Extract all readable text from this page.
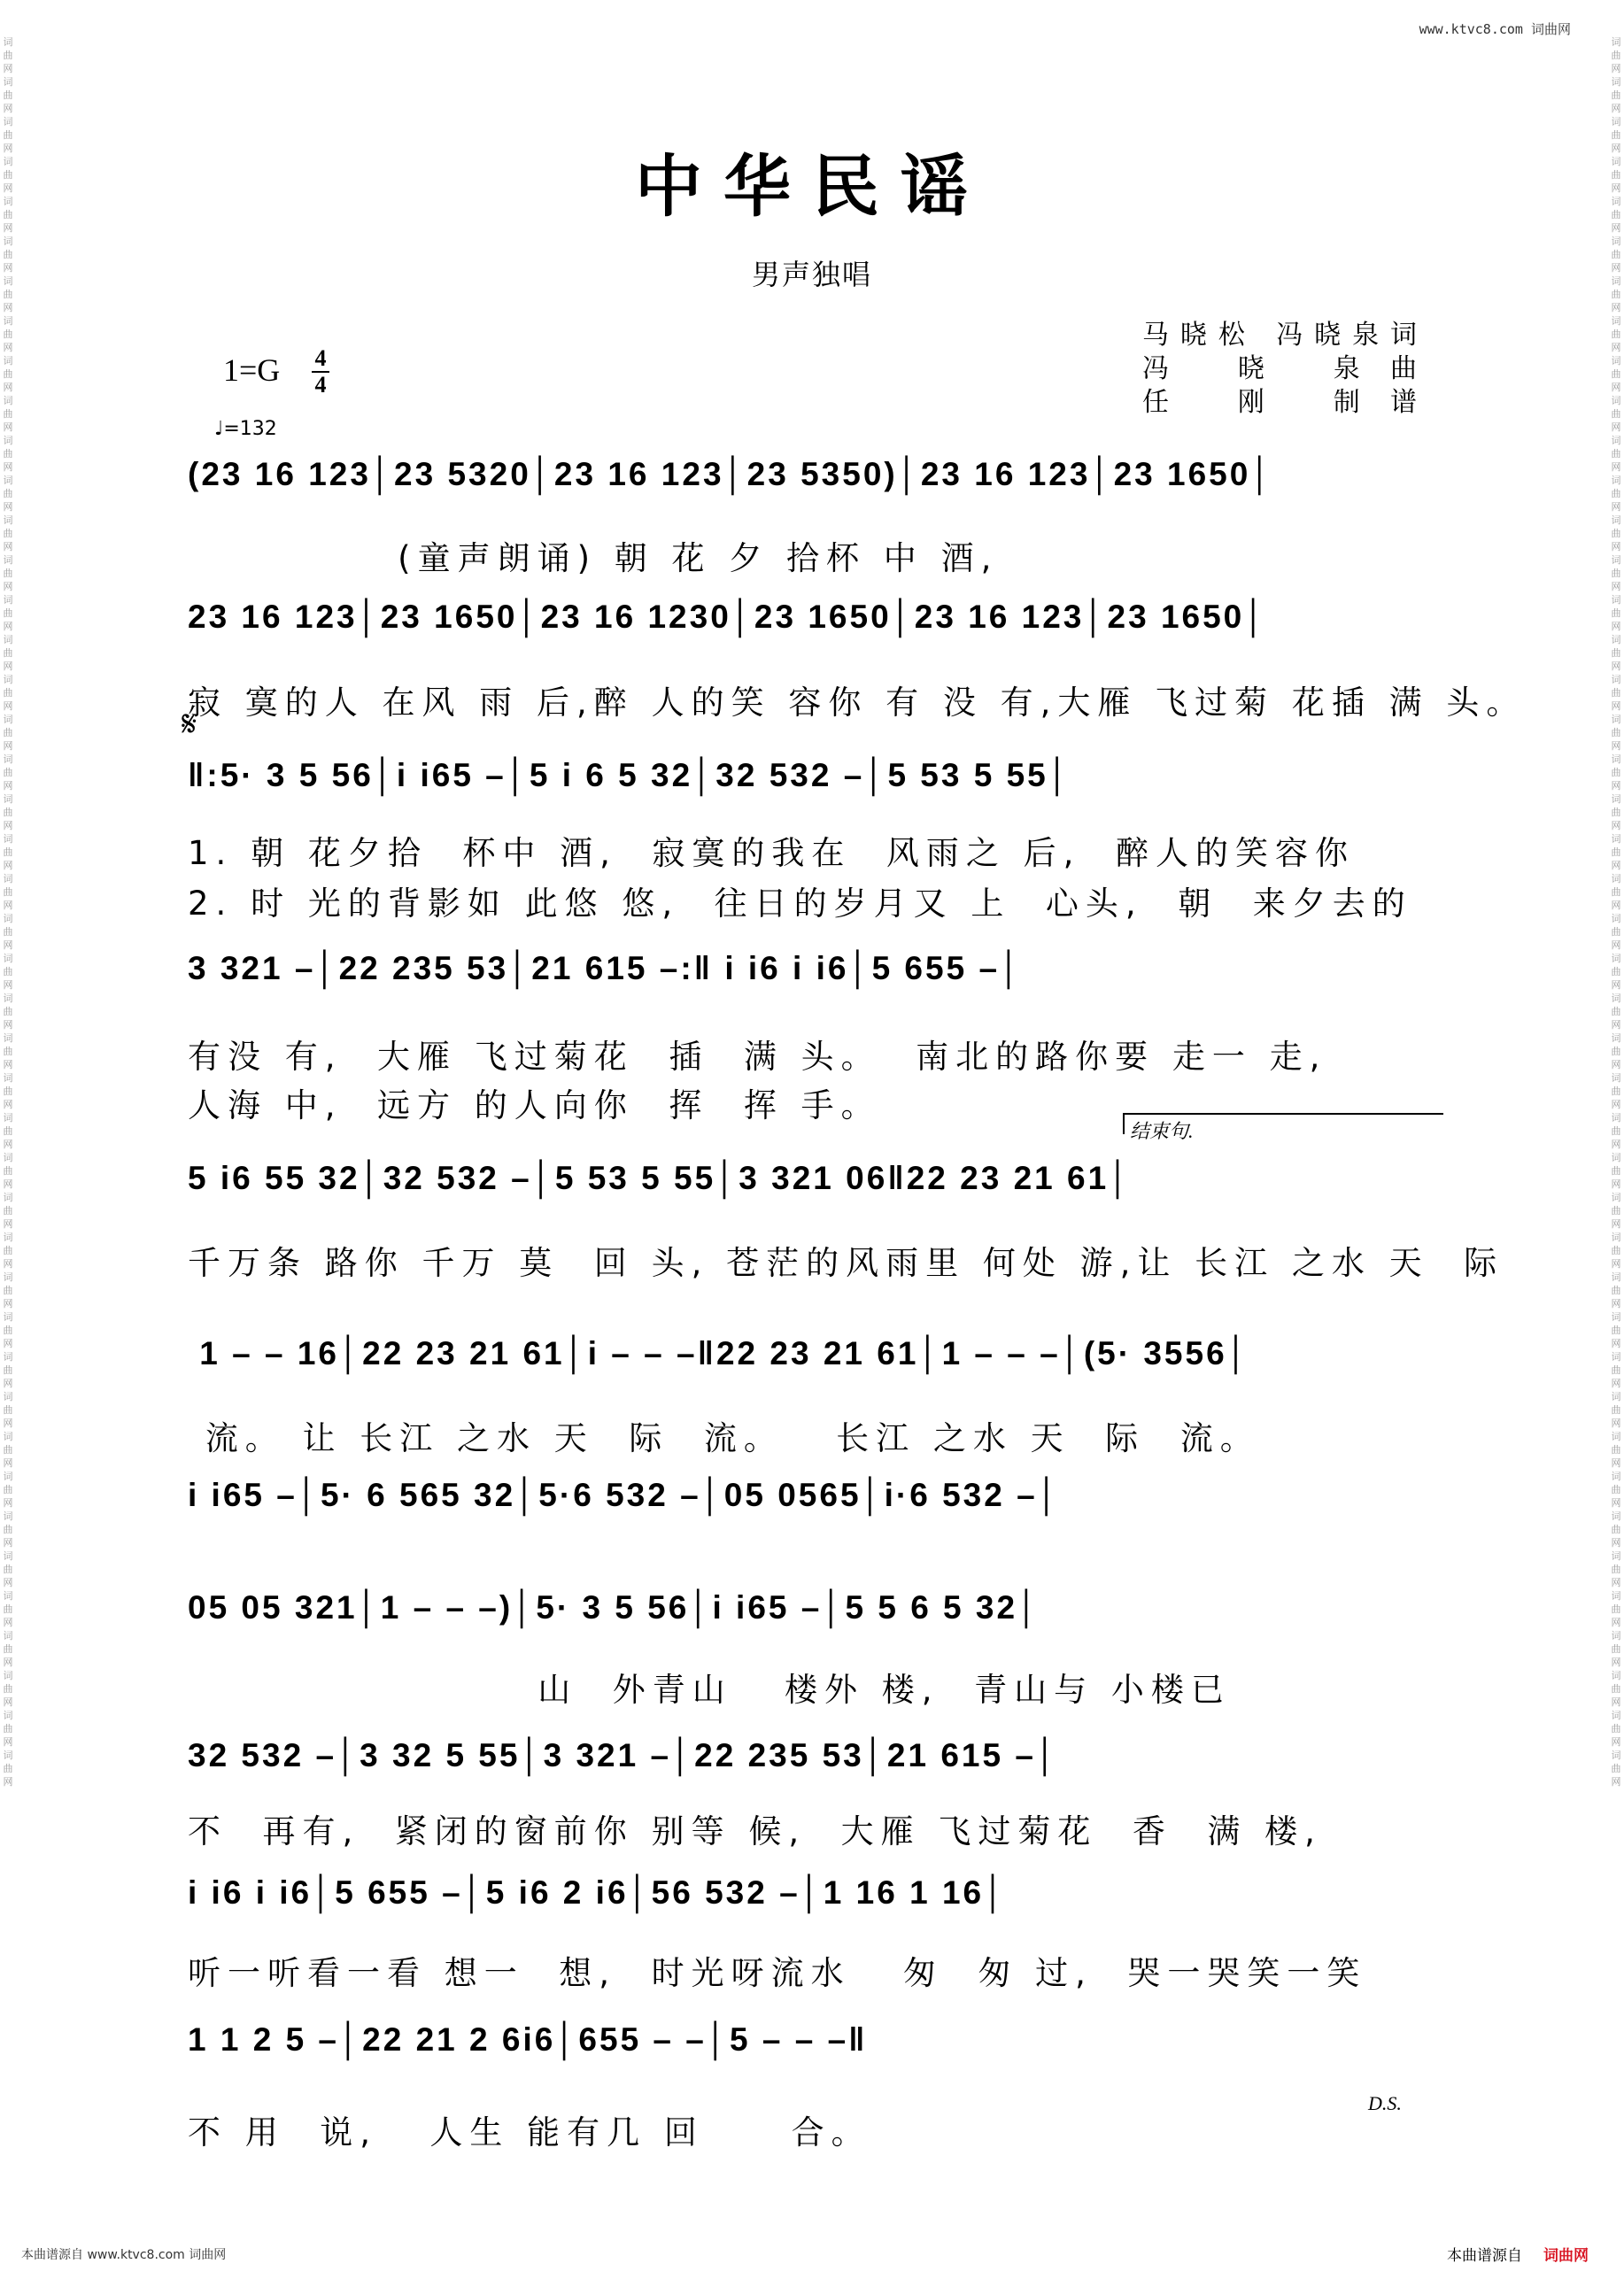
词曲网词曲网词曲网词曲网词曲网词曲网词曲网词曲网词曲网词曲网词曲网词曲网词曲网词曲网词曲网词曲网词曲网词曲网词曲网词曲网词曲网词曲网词曲网词曲网词曲网词曲网词曲网词曲网词曲网词曲网词曲网词曲网词曲网词曲网词曲网词曲网词曲网词曲网词曲网词曲网词曲网词曲网词曲网词曲网
词曲网词曲网词曲网词曲网词曲网词曲网词曲网词曲网词曲网词曲网词曲网词曲网词曲网词曲网词曲网词曲网词曲网词曲网词曲网词曲网词曲网词曲网词曲网词曲网词曲网词曲网词曲网词曲网词曲网词曲网词曲网词曲网词曲网词曲网词曲网词曲网词曲网词曲网词曲网词曲网词曲网词曲网词曲网词曲网
www.ktvc8.com 词曲网
中华民谣
男声独唱
马晓松 冯晓泉词
冯 晓 泉曲
任 刚 制谱
1=G 4
4
♩=132
(23 16 123│23 5320│23 16 123│23 5350)│23 16 123│23 1650│
(童声朗诵) 朝 花 夕 拾杯 中 酒,
23 16 123│23 1650│23 16 1230│23 1650│23 16 123│23 1650│
寂 寞的人 在风 雨 后,醉 人的笑 容你 有 没 有,大雁 飞过菊 花插 满 头。
𝄋
‖:5· 3 5 56│i i65 –│5 i 6 5 32│32 532 –│5 53 5 55│
1. 朝 花夕拾  杯中 酒,  寂寞的我在  风雨之 后,  醉人的笑容你
2. 时 光的背影如 此悠 悠,  往日的岁月又 上  心头,  朝  来夕去的
3 321 –│22 235 53│21 615 –:‖ i i6 i i6│5 655 –│
有没 有,  大雁 飞过菊花  插  满 头。  南北的路你要 走一 走,
人海 中,  远方 的人向你  挥  挥 手。
结束句.
5 i6 55 32│32 532 –│5 53 5 55│3 321 06‖22 23 21 61│
千万条 路你 千万 莫  回 头, 苍茫的风雨里 何处 游,让 长江 之水 天  际
1 – – 16│22 23 21 61│i – – –‖22 23 21 61│1 – – –│(5· 3556│
流。 让 长江 之水 天  际  流。   长江 之水 天  际  流。
i i65 –│5· 6 565 32│5·6 532 –│05 0565│i·6 532 –│
05 05 321│1 – – –)│5· 3 5 56│i i65 –│5 5 6 5 32│
山  外青山   楼外 楼,  青山与 小楼已
32 532 –│3 32 5 55│3 321 –│22 235 53│21 615 –│
不  再有,  紧闭的窗前你 别等 候,  大雁 飞过菊花  香  满 楼,
i i6 i i6│5 655 –│5 i6 2 i6│56 532 –│1 16 1 16│
听一听看一看 想一  想,  时光呀流水   匆  匆 过,  哭一哭笑一笑
1 1 2 5 –│22 21 2 6i6│655 – –│5 – – –‖
D.S.
不 用  说,   人生 能有几 回     合。
本曲谱源自 www.ktvc8.com 词曲网	本曲谱源自 词曲网
